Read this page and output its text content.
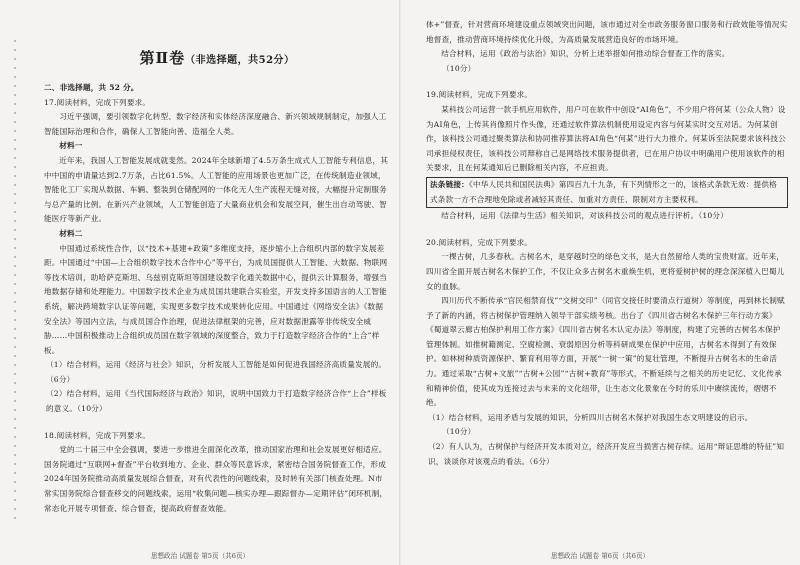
第Ⅱ卷（非选择题，共52分）

二、非选择题，共 52 分。

17.阅读材料，完成下列要求。

习近平强调，要引领数字化转型、数字经济和实体经济深度融合、新兴领域规制制定，加强人工智能国际治理和合作，确保人工智能向善、造福全人类。

材料一

近年来，我国人工智能发展成就斐然。2024年全球新增了4.5万条生成式人工智能专利信息，其中中国的申请量达到2.7万条，占比61.5%。人工智能的应用场景也更加广泛，在传统制造业领域，智能化工厂实现从数据、车辆、整装到仓储配网的一体化无人生产流程无缝对接，大幅提升定制服务与总产量的比例。在新兴产业领域，人工智能创造了大量商业机会和发展空间，催生出自动驾驶、智能医疗等新产业。

材料二

中国通过系统性合作，以“技术+基建+政策”多维度支持，逐步缩小上合组织内部的数字发展差距。中国通过“中国—上合组织数字技术合作中心”等平台，为成员国提供人工智能、大数据、物联网等技术培训，助哈萨克斯坦、乌兹别克斯坦等国建设数字化通关数据中心，提供云计算服务，增强当地数据存储和处理能力。中国数字技术企业为成员国共建联合实验室，开发支持多国语言的人工智能系统，解决跨境数字认证等问题，实现更多数字技术成果转化应用。中国通过《网络安全法》《数据安全法》等国内立法，与成员国合作治理，促进法律框架的完善，应对数据泄露等非传统安全威胁……中国积极推动上合组织成员国在数字领域的深度整合，致力于打造数字经济合作的“上合”样板。

（1）结合材料，运用《经济与社会》知识，分析发展人工智能是如何促进我国经济高质量发展的。（6分）

（2）结合材料，运用《当代国际经济与政治》知识，说明中国致力于打造数字经济合作“上合”样板的意义。（10分）

18.阅读材料，完成下列要求。

党的二十届三中全会强调，要进一步推进全面深化改革，推动国家治理和社会发展更好相适应。国务院通过“互联网+督查”平台收到地方、企业、群众等民意诉求，紧密结合国务院督查工作，形成2024年国务院推动高质量发展综合督查，对有代表性的问题线索，及时转有关部门核查处理。N市常实国务院综合督查移交的问题线索，运用“收集问题—核实办理—跟踪督办—定期评估”闭环机制，常态化开展专项督查、综合督查，提高政府督查效能。

体+”督查，针对营商环境建设重点领域突出问题，该市通过对全市政务服务窗口服务和行政效能等情况实地督查，推动营商环境持续优化升级，为高质量发展营造良好的市场环境。

结合材料，运用《政治与法治》知识，分析上述举措如何推动综合督查工作的落实。

（10分）

19.阅读材料，完成下列要求。

某科技公司运营一款手机应用软件，用户可在软件中创设“AI角色”，不少用户将何某（公众人物）设为AI角色，上传其肖像照片作头像，还通过软件算法机制使用设定内容与何某实时交互对话。为何某创作，该科技公司通过聚类算法和协同推荐算法将AI角色“何某”进行大力推介。何某诉至法院要求该科技公司承担侵权责任，该科技公司辩称自己是网络技术服务提供者，已在用户协议中明确用户使用该软件的相关要求，且在何某通知后已删除相关内容，不应担责。

法条链接：《中华人民共和国民法典》第四百九十九条，有下列情形之一的，该格式条款无效：提供格式条款一方不合理地免除或者减轻其责任、加重对方责任、限制对方主要权利。

结合材料，运用《法律与生活》相关知识，对该科技公司的观点进行评析。（10分）

20.阅读材料，完成下列要求。

一棵古树，几多春秋。古树名木，是穿越时空的绿色文书，是大自然留给人类的宝贵财富。近年来，四川省全面开展古树名木保护工作，不仅让众多古树名木重焕生机，更将爱树护树的理念深深植入巴蜀儿女的血脉。

四川历代不断传承“官民相禁育伐”“交树交印”（同官交接任时要清点行道树）等制度，再到林长制赋予了新的内涵，将古树保护管理纳入领导干部实绩考核。出台了《四川省古树名木保护三年行动方案》《蜀道翠云廊古柏保护利用工作方案》《四川省古树名木认定办法》等制度，构建了完善的古树名木保护管理体制。如推树籍测定、空腐检测、衰弱原因分析等科研成果在保护中应用，古树名木得到了有效保护。如林树种质资源保护、繁育利用等方面，开展“一树一策”的复壮管理，不断提升古树名木的生命活力。通过采取“古树+文旅”“古树+公园”“古树+教育”等形式，不断延续与之相关的历史记忆、文化传承和精神价值，使其成为连接过去与未来的文化纽带，让生态文化景象在今时的乐川中赓续流传，熠熠不绝。

（1）结合材料，运用矛盾与发展的知识，分析四川古树名木保护对我国生态文明建设的启示。

（10分）

（2）有人认为，古树保护与经济开发本质对立，经济开发应当损害古树存续。运用“辩证思维的特征”知识，谈谈你对该观点的看法。（6分）

思想政治 试题卷 第5页（共6页）	思想政治 试题卷 第6页（共6页）
